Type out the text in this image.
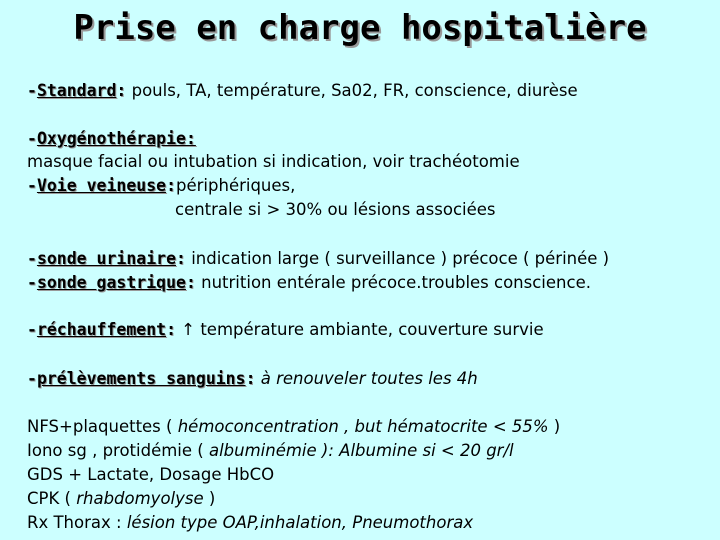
Prise en charge hospitalière
-Standard: pouls, TA, température, Sa02, FR, conscience, diurèse
-Oxygénothérapie:
masque facial ou intubation si indication, voir trachéotomie
-Voie veineuse:périphériques,
centrale si > 30% ou lésions associées
-sonde urinaire: indication large ( surveillance ) précoce ( périnée )
-sonde gastrique: nutrition entérale précoce.troubles conscience.
-réchauffement: ↑ température ambiante, couverture survie
-prélèvements sanguins: à renouveler toutes les 4h
NFS+plaquettes ( hémoconcentration , but hématocrite < 55% )
Iono sg , protidémie ( albuminémie ): Albumine si < 20 gr/l
GDS + Lactate, Dosage HbCO
CPK ( rhabdomyolyse )
Rx Thorax : lésion type OAP,inhalation, Pneumothorax
